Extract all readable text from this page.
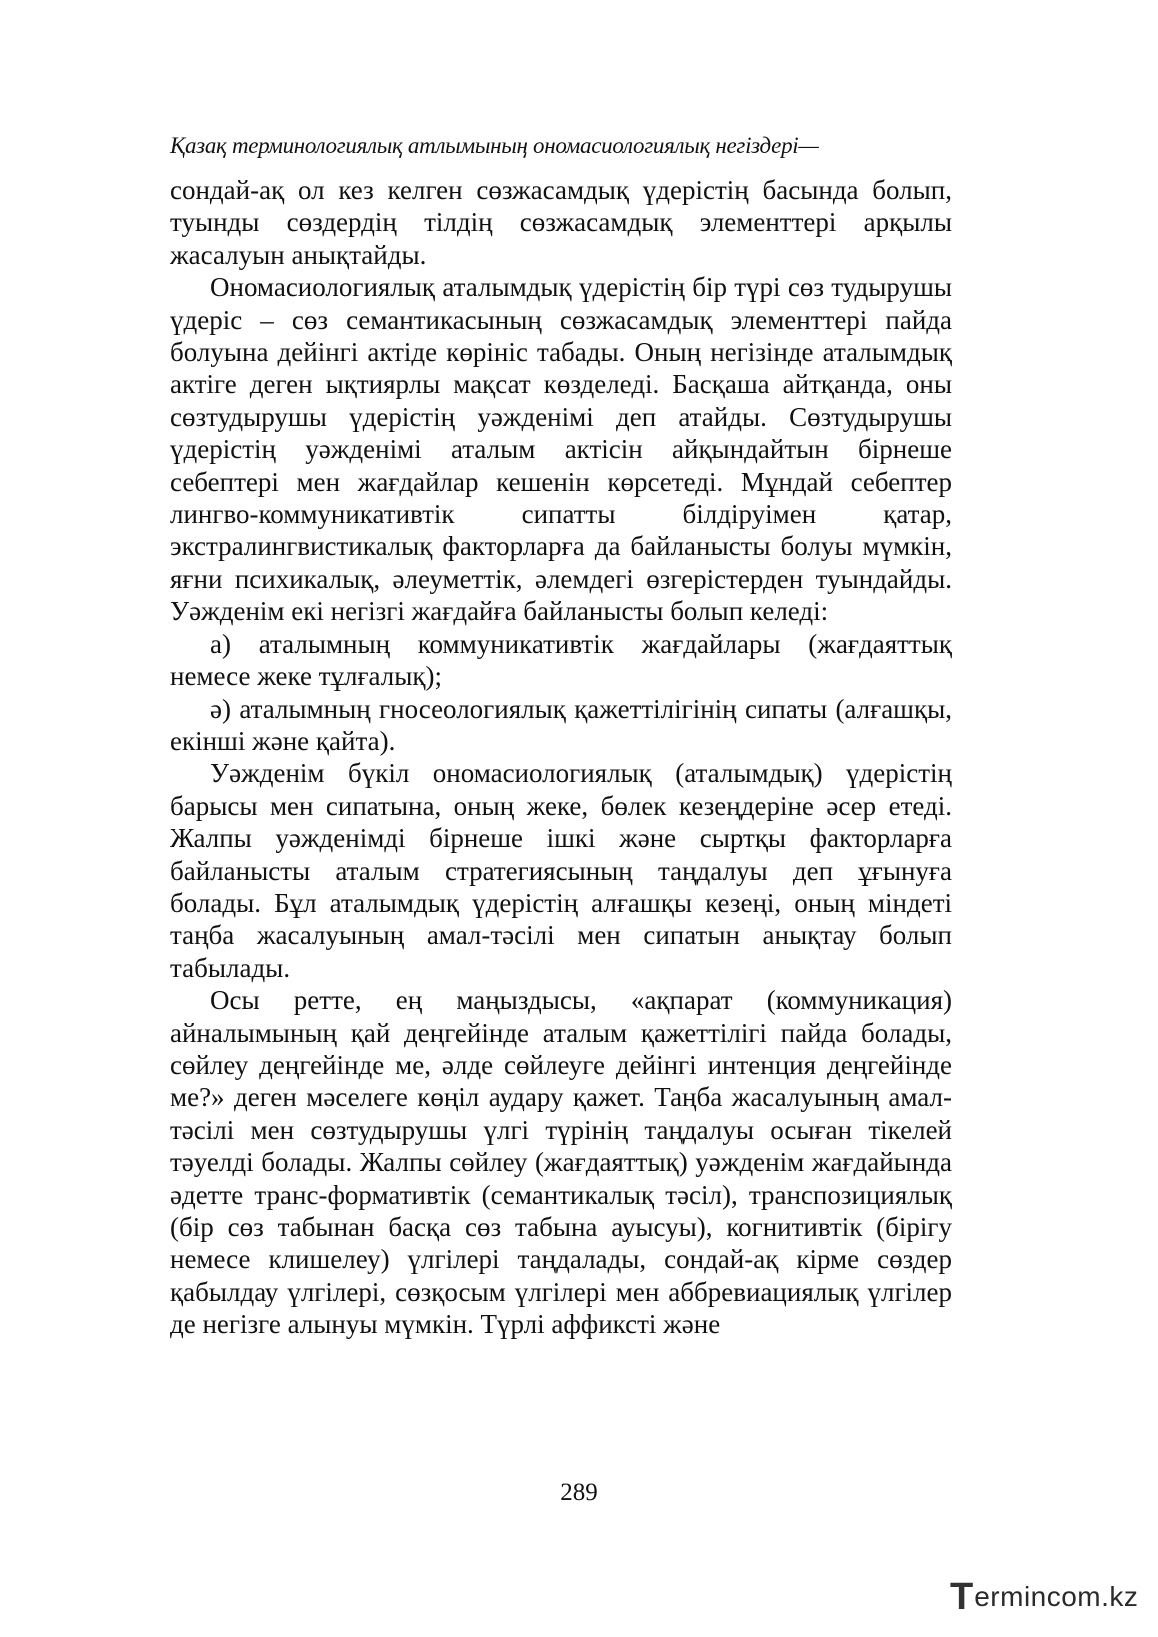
Қазақ терминологиялық атлымының ономасиологиялық негіздері—

сондай-ақ ол кез келген сөзжасамдық үдерістің басында болып, туынды сөздердің тілдің сөзжасамдық элементтері арқылы жасалуын анықтайды.

Ономасиологиялық аталымдық үдерістің бір түрі сөз тудырушы үдеріс – сөз семантикасының сөзжасамдық элементтері пайда болуына дейінгі актіде көрініс табады. Оның негізінде аталымдық актіге деген ықтиярлы мақсат көзделеді. Басқаша айтқанда, оны сөзтудырушы үдерістің уәжденімі деп атайды. Сөзтудырушы үдерістің уәжденімі аталым актісін айқындайтын бірнеше себептері мен жағдайлар кешенін көрсетеді. Мұндай себептер лингво-коммуникативтік сипатты білдіруімен қатар, экстралингвистикалық факторларға да байланысты болуы мүмкін, яғни психикалық, әлеуметтік, әлемдегі өзгерістерден туындайды. Уәжденім екі негізгі жағдайға байланысты болып келеді:

а) аталымның коммуникативтік жағдайлары (жағдаяттық немесе жеке тұлғалық);

ә) аталымның гносеологиялық қажеттілігінің сипаты (алғашқы, екінші және қайта).

Уәжденім бүкіл ономасиологиялық (аталымдық) үдерістің барысы мен сипатына, оның жеке, бөлек кезеңдеріне әсер етеді. Жалпы уәжденімді бірнеше ішкі және сыртқы факторларға байланысты аталым стратегиясының таңдалуы деп ұғынуға болады. Бұл аталымдық үдерістің алғашқы кезеңі, оның міндеті таңба жасалуының амал-тәсілі мен сипатын анықтау болып табылады.

Осы ретте, ең маңыздысы, «ақпарат (коммуникация) айналымының қай деңгейінде аталым қажеттілігі пайда болады, сөйлеу деңгейінде ме, әлде сөйлеуге дейінгі интенция деңгейінде ме?» деген мәселеге көңіл аудару қажет. Таңба жасалуының амал-тәсілі мен сөзтудырушы үлгі түрінің таңдалуы осыған тікелей тәуелді болады. Жалпы сөйлеу (жағдаяттық) уәжденім жағдайында әдетте транс-формативтік (семантикалық тәсіл), транспозициялық (бір сөз табынан басқа сөз табына ауысуы), когнитивтік (бірігу немесе клишелеу) үлгілері таңдалады, сондай-ақ кірме сөздер қабылдау үлгілері, сөзқосым үлгілері мен аббревиациялық үлгілер де негізге алынуы мүмкін. Түрлі аффиксті және

289
T ermincom.kz
